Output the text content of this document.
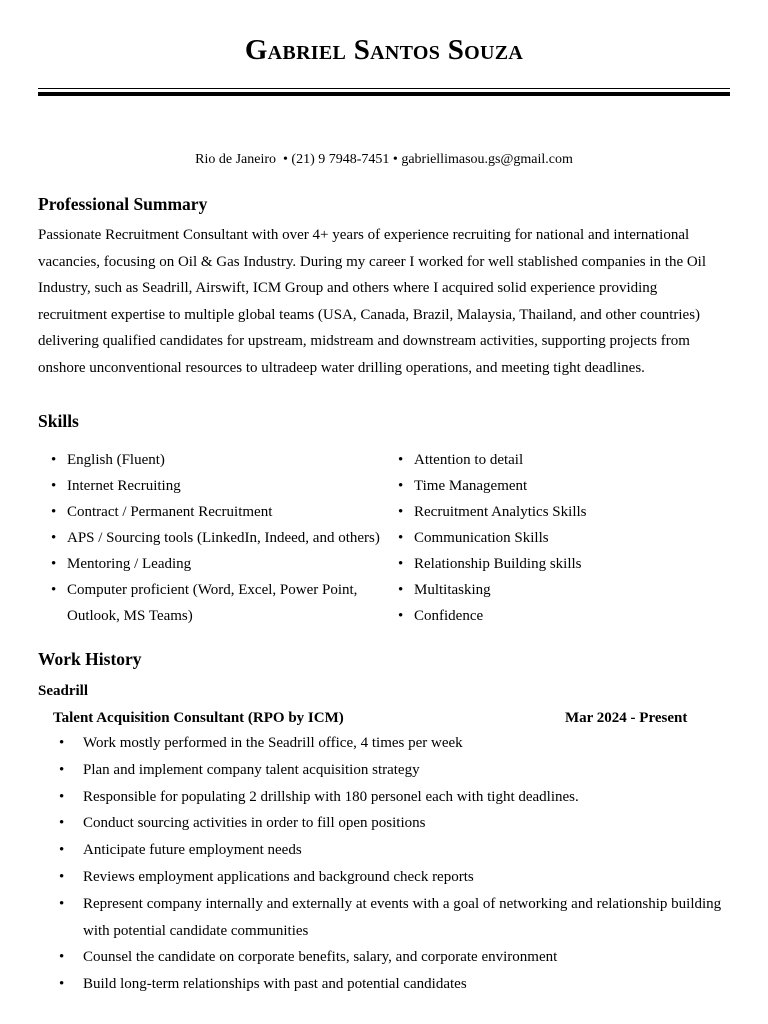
Gabriel Santos Souza
Rio de Janeiro  • (21) 9 7948-7451 • gabriellimasou.gs@gmail.com
Professional Summary

Passionate Recruitment Consultant with over 4+ years of experience recruiting for national and international vacancies, focusing on Oil & Gas Industry. During my career I worked for well stablished companies in the Oil Industry, such as Seadrill, Airswift, ICM Group and others where I acquired solid experience providing recruitment expertise to multiple global teams (USA, Canada, Brazil, Malaysia, Thailand, and other countries) delivering qualified candidates for upstream, midstream and downstream activities, supporting projects from onshore unconventional resources to ultradeep water drilling operations, and meeting tight deadlines.

Skills
• English (Fluent)
• Internet Recruiting
• Contract / Permanent Recruitment
• APS / Sourcing tools (LinkedIn, Indeed, and others)
• Mentoring / Leading
• Computer proficient (Word, Excel, Power Point, Outlook, MS Teams)
• Attention to detail
• Time Management
• Recruitment Analytics Skills
• Communication Skills
• Relationship Building skills
• Multitasking
• Confidence
Work History
Seadrill
Talent Acquisition Consultant (RPO by ICM)	Mar 2024 - Present
• Work mostly performed in the Seadrill office, 4 times per week
• Plan and implement company talent acquisition strategy
• Responsible for populating 2 drillship with 180 personel each with tight deadlines.
• Conduct sourcing activities in order to fill open positions
• Anticipate future employment needs
• Reviews employment applications and background check reports
• Represent company internally and externally at events with a goal of networking and relationship building with potential candidate communities
• Counsel the candidate on corporate benefits, salary, and corporate environment
• Build long-term relationships with past and potential candidates
